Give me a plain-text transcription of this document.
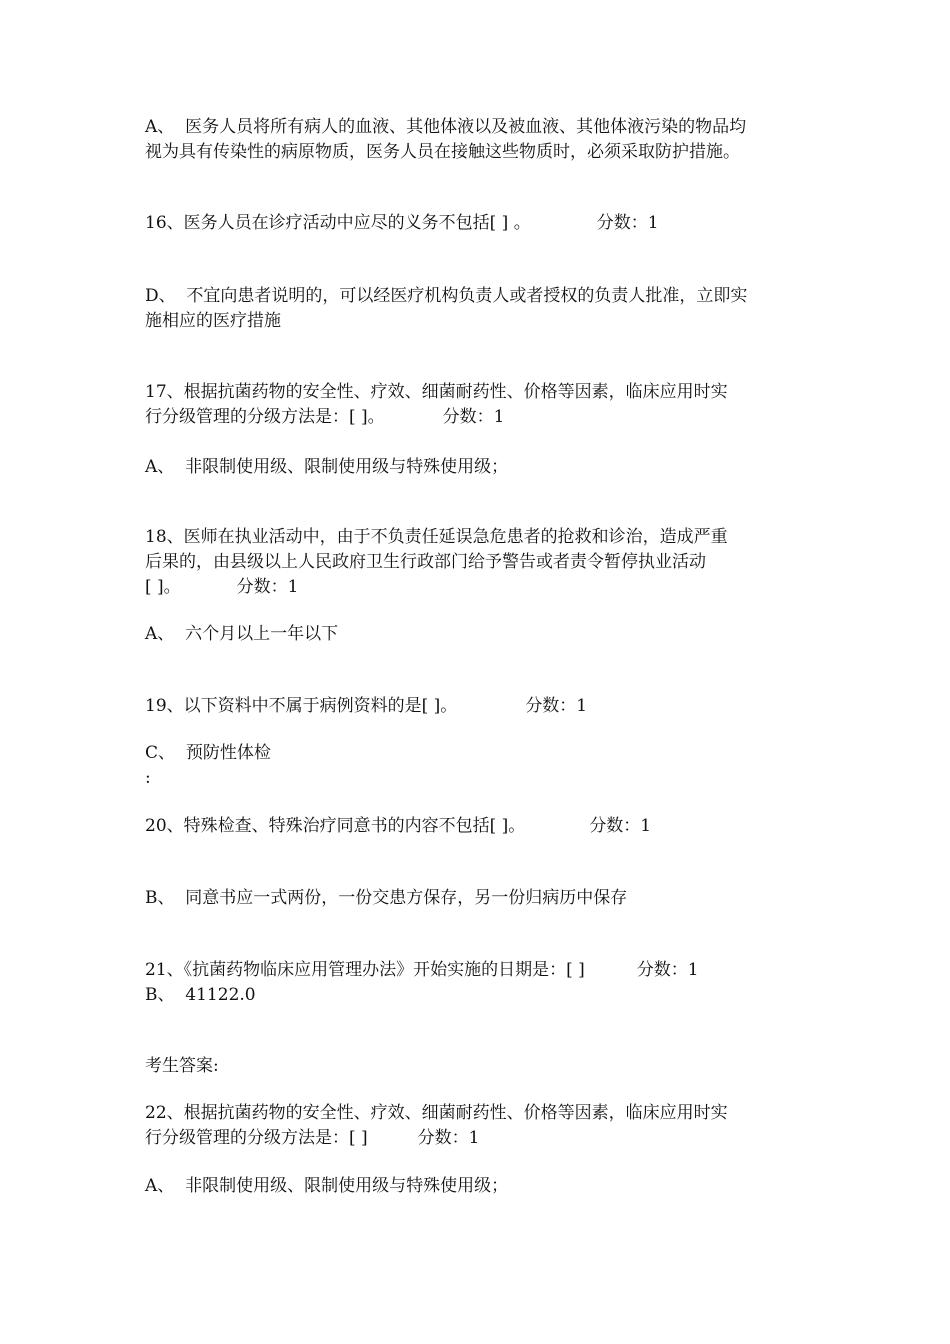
A、  医务人员将所有病人的血液、其他体液以及被血液、其他体液污染的物品均
视为具有传染性的病原物质，医务人员在接触这些物质时，必须采取防护措施。
16、医务人员在诊疗活动中应尽的义务不包括[ ] 。	分数：1
D、  不宜向患者说明的，可以经医疗机构负责人或者授权的负责人批准，立即实
施相应的医疗措施
17、根据抗菌药物的安全性、疗效、细菌耐药性、价格等因素，临床应用时实
行分级管理的分级方法是：[ ]。	分数：1
A、  非限制使用级、限制使用级与特殊使用级；
18、医师在执业活动中，由于不负责任延误急危患者的抢救和诊治，造成严重
后果的，由县级以上人民政府卫生行政部门给予警告或者责令暂停执业活动
[ ]。	分数：1
A、  六个月以上一年以下
19、以下资料中不属于病例资料的是[ ]。	分数：1
C、  预防性体检
:
20、特殊检查、特殊治疗同意书的内容不包括[ ]。	分数：1
B、  同意书应一式两份，一份交患方保存，另一份归病历中保存
21、《抗菌药物临床应用管理办法》开始实施的日期是：[ ]	分数：1
B、  41122.0
考生答案:
22、根据抗菌药物的安全性、疗效、细菌耐药性、价格等因素，临床应用时实
行分级管理的分级方法是：[ ]	分数：1
A、  非限制使用级、限制使用级与特殊使用级；
